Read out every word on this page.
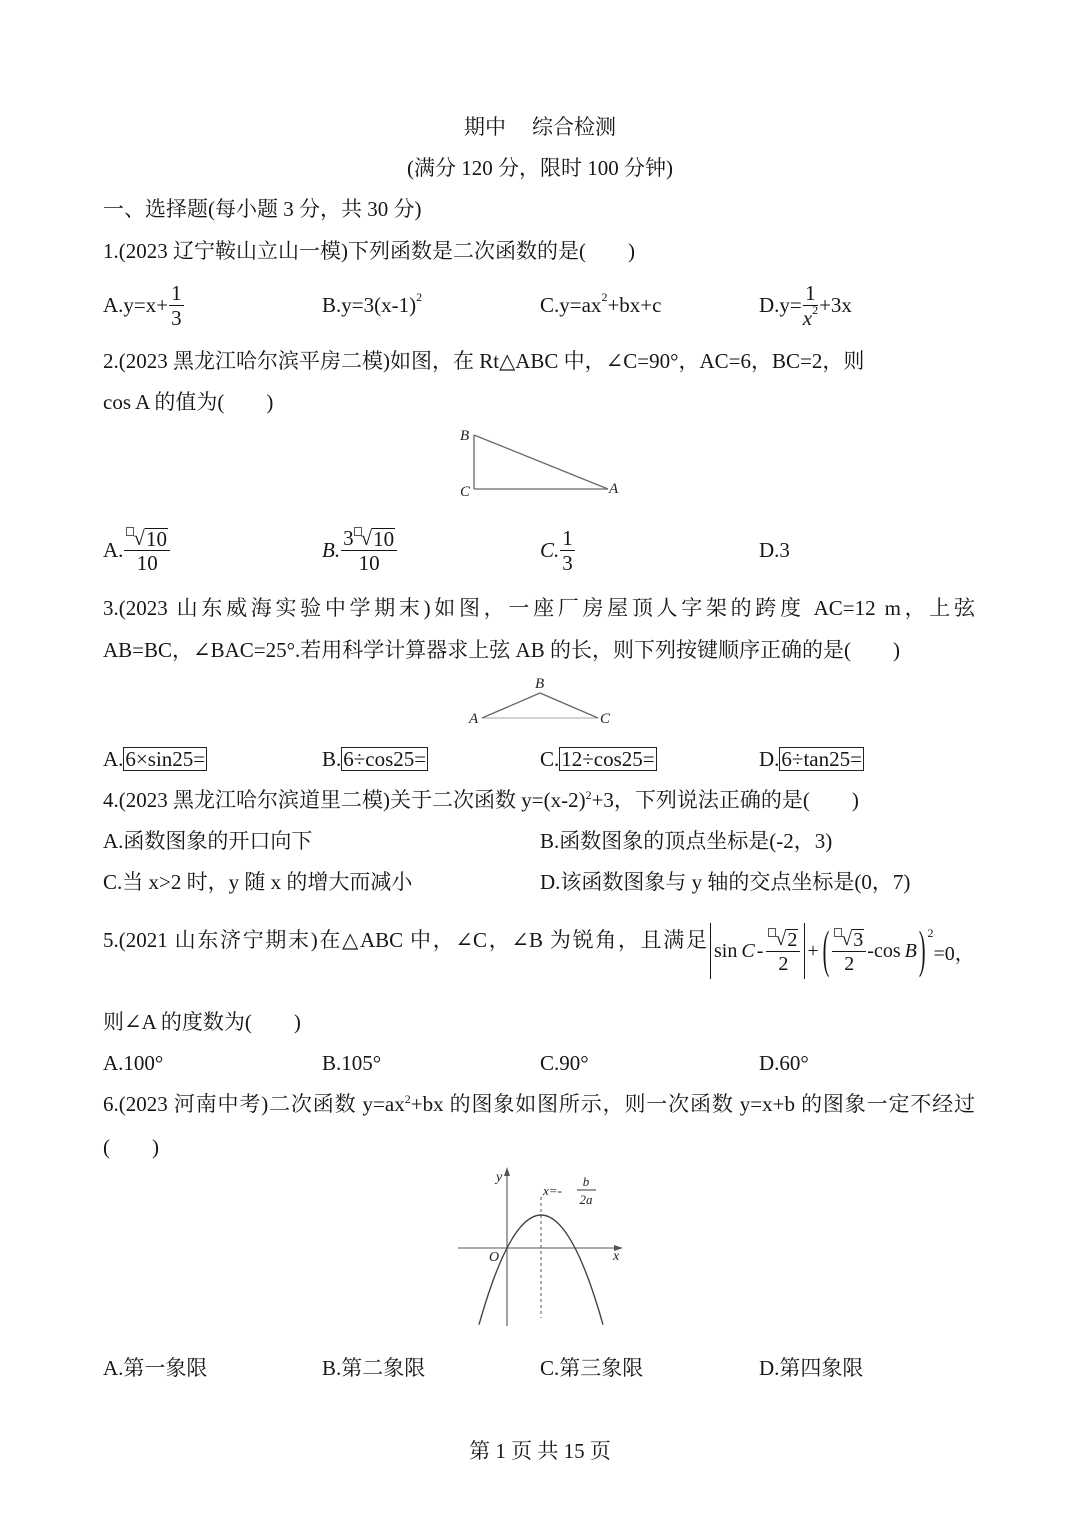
期中 综合检测
(满分 120 分，限时 100 分钟)
一、选择题(每小题 3 分，共 30 分)
1.(2023 辽宁鞍山立山一模)下列函数是二次函数的是(　　)
A. $y=x+ \frac{1}{3}$	B. y=3(x-1) 2	C. y=ax 2 +bx+c	D. $y= \frac{1}{x 2} +3x$
2.(2023 黑龙江哈尔滨平房二模)如图，在 Rt△ABC 中，∠C=90°，AC=6，BC=2，则
cos A 的值为(　　)
B
C	A
A. $\frac{√ 10}{10}$	B. $\frac{3 √ 10}{10}$	C. $\frac{1}{3}$	D. 3
3.(2023 山东威海实验中学期末)如图，一座厂房屋顶人字架的跨度 AC=12 m，上弦
AB=BC，∠BAC=25°.若用科学计算器求上弦 AB 的长，则下列按键顺序正确的是(　　)
B
A	C
A. 6×sin25=	B. 6÷cos25=	C. 12÷cos25=	D. 6÷tan25=
4.(2023 黑龙江哈尔滨道里二模)关于二次函数 $y=(x-2)^2+3$，下列说法正确的是(　　)
A.函数图象的开口向下	B.函数图象的顶点坐标是(-2，3)
C.当 x>2 时，y 随 x 的增大而减小	D.该函数图象与 y 轴的交点坐标是(0，7)
5.(2021 山东济宁期末)在△ABC 中，∠C，∠B 为锐角，且满足 sin C - $\frac{√ 2}{2}$ + ( $\frac{√ 3}{2} -\cos$ B ) 2
=0，
则∠A 的度数为(　　)
A.100°	B.105°	C.90°	D.60°
6.(2023 河南中考)二次函数 $y=ax^2+bx$ 的图象如图所示，则一次函数 y=x+b 的图象一定不经过
(　　)
y
x
O
x=-
b
2a
A.第一象限	B.第二象限	C.第三象限	D.第四象限
第 1 页 共 15 页
